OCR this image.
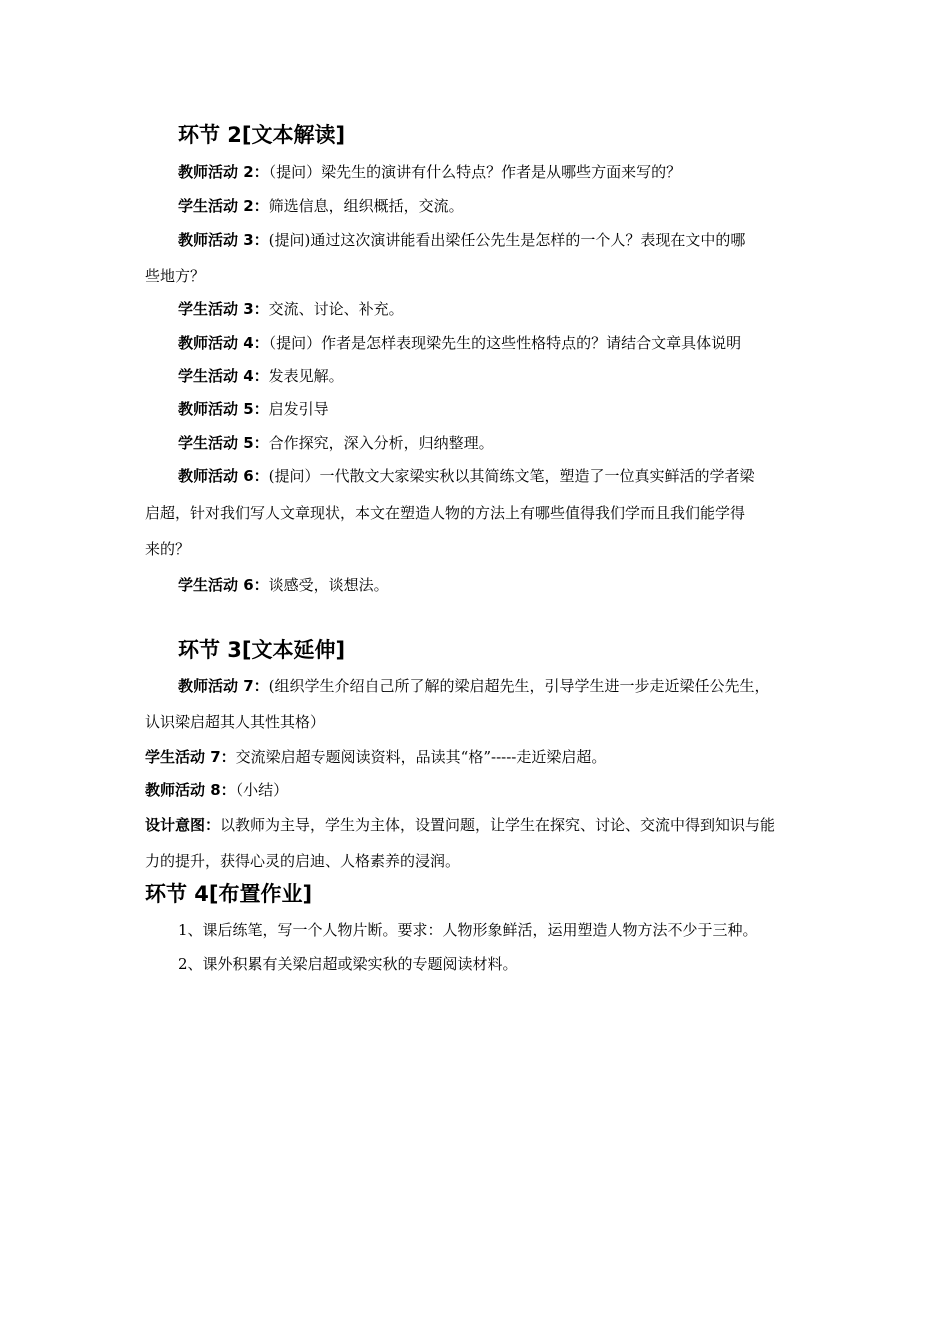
环节 2[文本解读]
教师活动 2：（提问）梁先生的演讲有什么特点？作者是从哪些方面来写的？
学生活动 2：筛选信息，组织概括，交流。
教师活动 3：(提问)通过这次演讲能看出梁任公先生是怎样的一个人？表现在文中的哪
些地方？
学生活动 3：交流、讨论、补充。
教师活动 4：（提问）作者是怎样表现梁先生的这些性格特点的？请结合文章具体说明
学生活动 4：发表见解。
教师活动 5：启发引导
学生活动 5：合作探究，深入分析，归纳整理。
教师活动 6：(提问）一代散文大家梁实秋以其简练文笔，塑造了一位真实鲜活的学者梁
启超，针对我们写人文章现状，本文在塑造人物的方法上有哪些值得我们学而且我们能学得
来的？
学生活动 6：谈感受，谈想法。
环节 3[文本延伸]
教师活动 7：(组织学生介绍自己所了解的梁启超先生，引导学生进一步走近梁任公先生，
认识梁启超其人其性其格）
学生活动 7：交流梁启超专题阅读资料，品读其“格”-----走近梁启超。
教师活动 8：（小结）
设计意图：以教师为主导，学生为主体，设置问题，让学生在探究、讨论、交流中得到知识与能
力的提升，获得心灵的启迪、人格素养的浸润。
环节 4[布置作业]
1、课后练笔，写一个人物片断。要求：人物形象鲜活，运用塑造人物方法不少于三种。
2、课外积累有关梁启超或梁实秋的专题阅读材料。
